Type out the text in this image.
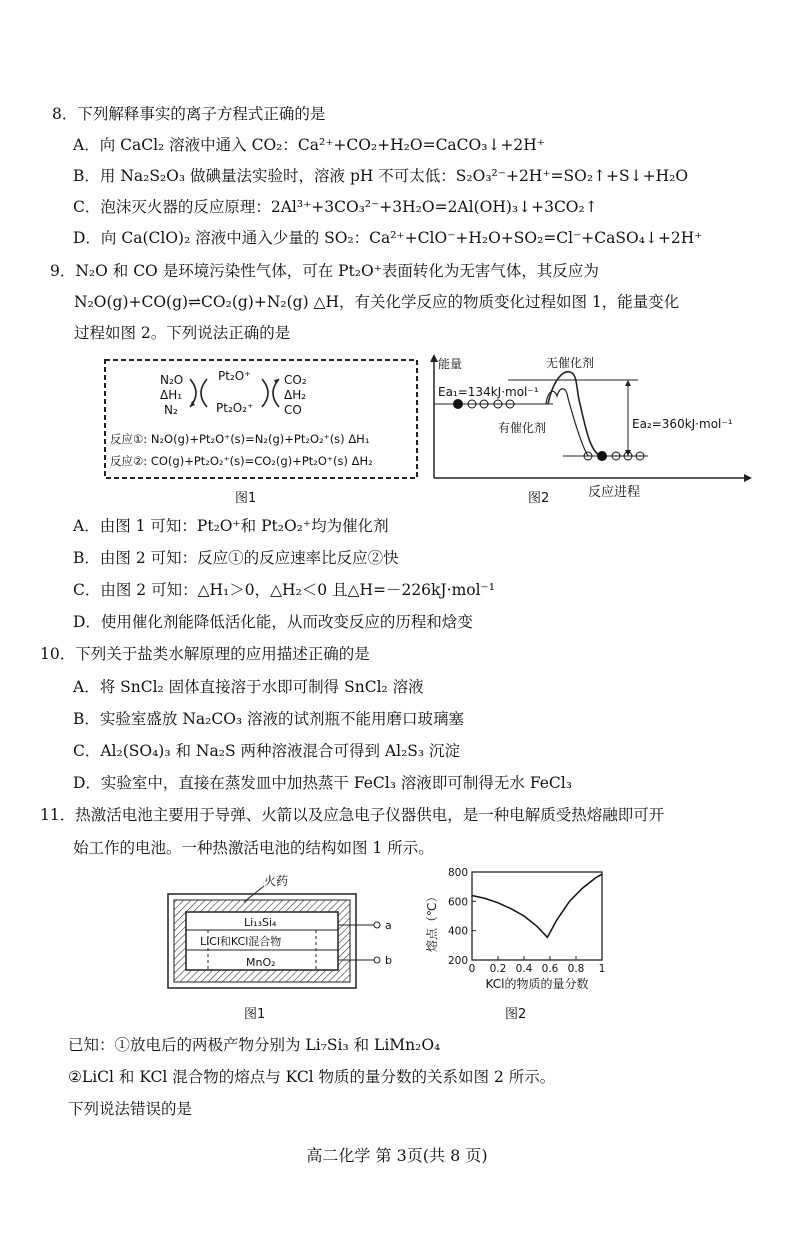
8．下列解释事实的离子方程式正确的是
A．向 CaCl₂ 溶液中通入 CO₂：Ca²⁺+CO₂+H₂O=CaCO₃↓+2H⁺
B．用 Na₂S₂O₃ 做碘量法实验时，溶液 pH 不可太低：S₂O₃²⁻+2H⁺=SO₂↑+S↓+H₂O
C．泡沫灭火器的反应原理：2Al³⁺+3CO₃²⁻+3H₂O=2Al(OH)₃↓+3CO₂↑
D．向 Ca(ClO)₂ 溶液中通入少量的 SO₂：Ca²⁺+ClO⁻+H₂O+SO₂=Cl⁻+CaSO₄↓+2H⁺
9．N₂O 和 CO 是环境污染性气体，可在 Pt₂O⁺表面转化为无害气体，其反应为
N₂O(g)+CO(g)⇌CO₂(g)+N₂(g) △H，有关化学反应的物质变化过程如图 1，能量变化
过程如图 2。下列说法正确的是
N₂O
ΔH₁
N₂
Pt₂O⁺
Pt₂O₂⁺
CO₂
ΔH₂
CO
反应①: N₂O(g)+Pt₂O⁺(s)=N₂(g)+Pt₂O₂⁺(s) ΔH₁
反应②: CO(g)+Pt₂O₂⁺(s)=CO₂(g)+Pt₂O⁺(s) ΔH₂
图1
能量	无催化剂
Ea₁=134kJ·mol⁻¹
Ea₂=360kJ·mol⁻¹
有催化剂
反应进程
图2
A．由图 1 可知：Pt₂O⁺和 Pt₂O₂⁺均为催化剂
B．由图 2 可知：反应①的反应速率比反应②快
C．由图 2 可知：△H₁＞0，△H₂＜0 且△H=－226kJ·mol⁻¹
D．使用催化剂能降低活化能，从而改变反应的历程和焓变
10．下列关于盐类水解原理的应用描述正确的是
A．将 SnCl₂ 固体直接溶于水即可制得 SnCl₂ 溶液
B．实验室盛放 Na₂CO₃ 溶液的试剂瓶不能用磨口玻璃塞
C．Al₂(SO₄)₃ 和 Na₂S 两种溶液混合可得到 Al₂S₃ 沉淀
D．实验室中，直接在蒸发皿中加热蒸干 FeCl₃ 溶液即可制得无水 FeCl₃
11．热激活电池主要用于导弹、火箭以及应急电子仪器供电，是一种电解质受热熔融即可开
始工作的电池。一种热激活电池的结构如图 1 所示。
Li₁₃Si₄
LiCl和KCl混合物
MnO₂
火药
a
b
图1
熔点（℃）
800
600
400
200
0 0.2 0.4 0.6 0.8 1
KCl的物质的量分数
图2
已知：①放电后的两极产物分别为 Li₇Si₃ 和 LiMn₂O₄
②LiCl 和 KCl 混合物的熔点与 KCl 物质的量分数的关系如图 2 所示。
下列说法错误的是
高二化学 第 3页(共 8 页)
